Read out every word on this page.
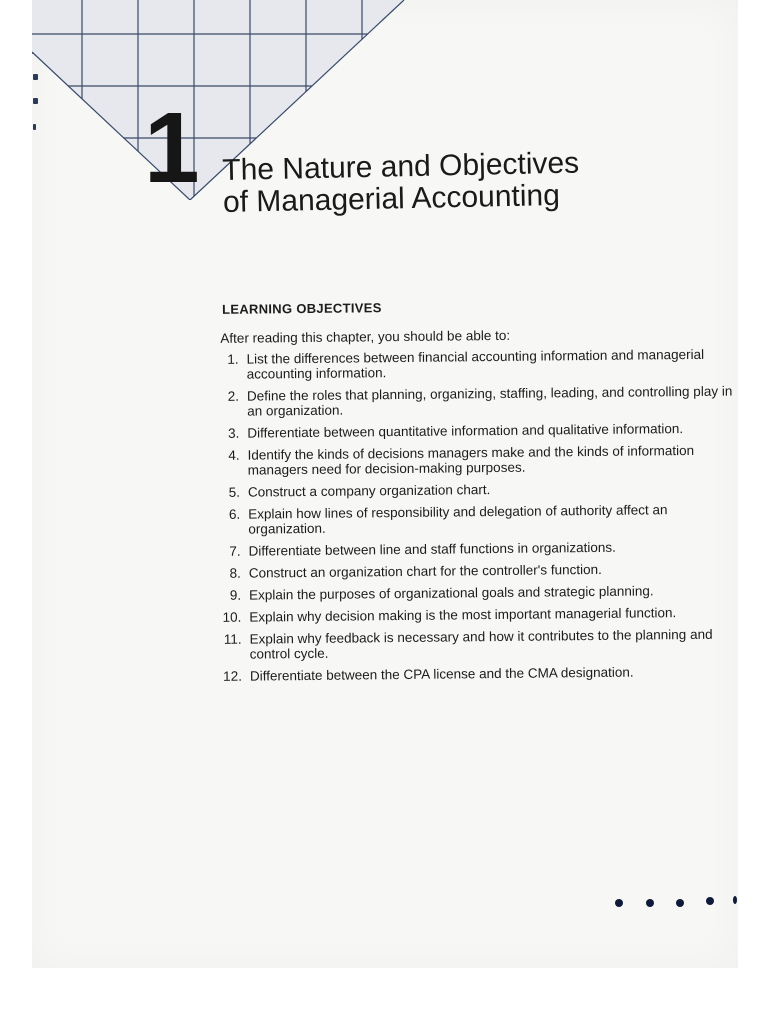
1 The Nature and Objectives
of Managerial Accounting
LEARNING OBJECTIVES

After reading this chapter, you should be able to:

1. List the differences between financial accounting information and managerial accounting information.
2. Define the roles that planning, organizing, staffing, leading, and controlling play in an organization.
3. Differentiate between quantitative information and qualitative information.
4. Identify the kinds of decisions managers make and the kinds of information managers need for decision-making purposes.
5. Construct a company organization chart.
6. Explain how lines of responsibility and delegation of authority affect an organization.
7. Differentiate between line and staff functions in organizations.
8. Construct an organization chart for the controller's function.
9. Explain the purposes of organizational goals and strategic planning.
10. Explain why decision making is the most important managerial function.
11. Explain why feedback is necessary and how it contributes to the planning and control cycle.
12. Differentiate between the CPA license and the CMA designation.
